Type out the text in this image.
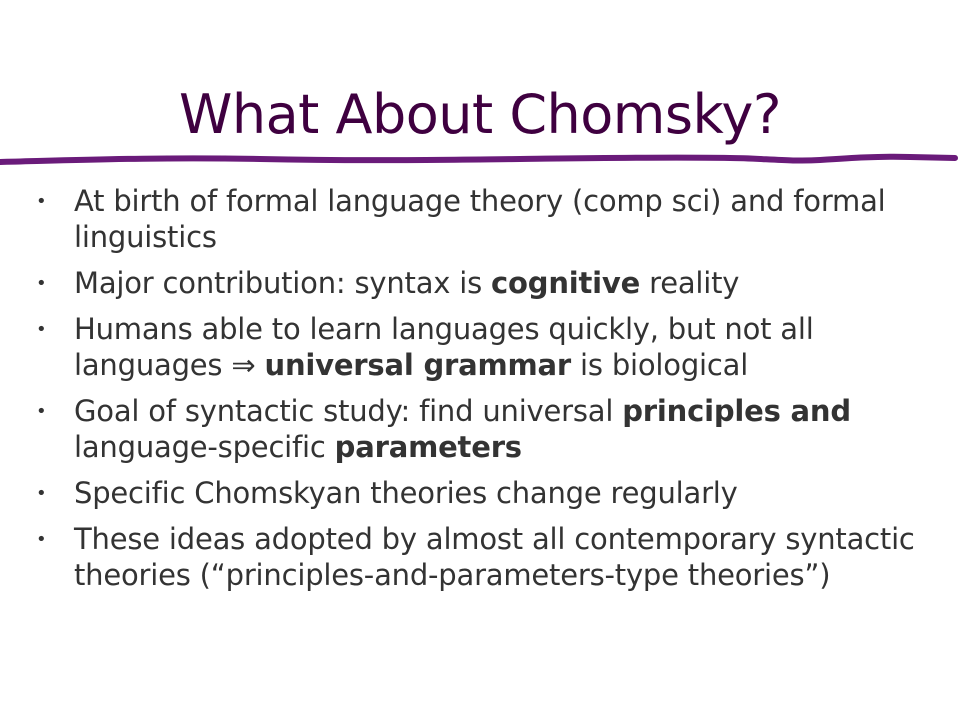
What About Chomsky?
• At birth of formal language theory (comp sci) and formal linguistics
• Major contribution: syntax is cognitive reality
• Humans able to learn languages quickly, but not all languages ⇒ universal grammar is biological
• Goal of syntactic study: find universal principles and language-specific parameters
• Specific Chomskyan theories change regularly
• These ideas adopted by almost all contemporary syntactic theories (“principles-and-parameters-type theories”)
